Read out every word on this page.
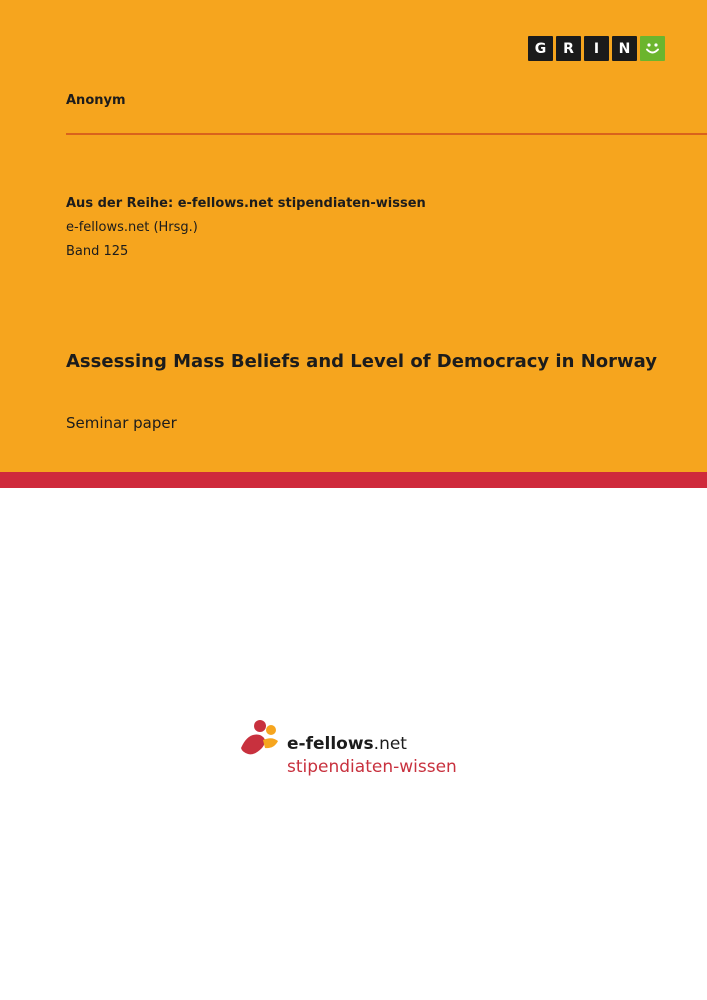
G	R	I	N
Anonym
Aus der Reihe: e-fellows.net stipendiaten-wissen
e-fellows.net (Hrsg.)
Band 125
Assessing Mass Beliefs and Level of Democracy in Norway
Seminar paper
e-fellows.net
stipendiaten-wissen
